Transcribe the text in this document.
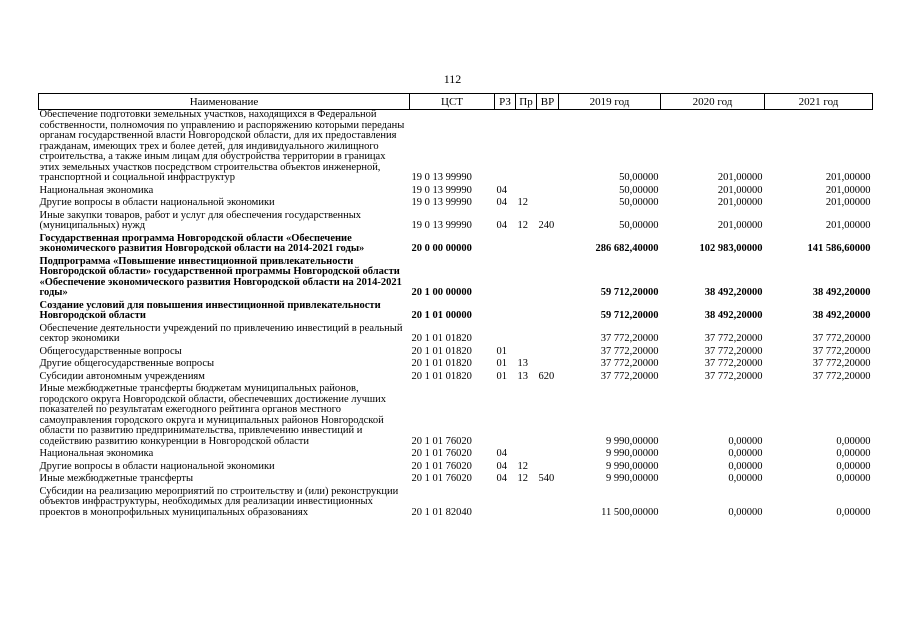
112
Наименование	ЦСТ	РЗ	Пр	ВР	2019 год	2020 год	2021 год
Обеспечение подготовки земельных участков, находящихся в Федеральной собственности, полномочия по управлению и распоряжению которыми переданы органам государственной власти Новгородской области, для их предоставления гражданам, имеющих трех и более детей, для индивидуального жилищного строительства, а также иным лицам для обустройства территории в границах этих земельных участков посредством строительства объектов инженерной, транспортной и социальной инфраструктур	19 0 13 99990				50,00000	201,00000	201,00000
Национальная экономика	19 0 13 99990	04			50,00000	201,00000	201,00000
Другие вопросы в области национальной экономики	19 0 13 99990	04	12		50,00000	201,00000	201,00000
Иные закупки товаров, работ и услуг для обеспечения государственных (муниципальных) нужд	19 0 13 99990	04	12	240	50,00000	201,00000	201,00000
Государственная программа Новгородской области «Обеспечение экономического развития Новгородской области на 2014-2021 годы»	20 0 00 00000				286 682,40000	102 983,00000	141 586,60000
Подпрограмма «Повышение инвестиционной привлекательности Новгородской области» государственной программы Новгородской области «Обеспечение экономического развития Новгородской области на 2014-2021 годы»	20 1 00 00000				59 712,20000	38 492,20000	38 492,20000
Создание условий для повышения инвестиционной привлекательности Новгородской области	20 1 01 00000				59 712,20000	38 492,20000	38 492,20000
Обеспечение деятельности учреждений по привлечению инвестиций в реальный сектор экономики	20 1 01 01820				37 772,20000	37 772,20000	37 772,20000
Общегосударственные вопросы	20 1 01 01820	01			37 772,20000	37 772,20000	37 772,20000
Другие общегосударственные вопросы	20 1 01 01820	01	13		37 772,20000	37 772,20000	37 772,20000
Субсидии автономным учреждениям	20 1 01 01820	01	13	620	37 772,20000	37 772,20000	37 772,20000
Иные межбюджетные трансферты бюджетам муниципальных районов, городского округа Новгородской области, обеспечевших достижение лучших показателей по результатам ежегодного рейтинга органов местного самоуправления городского округа и муниципальных районов Новгородской области по развитию предпринимательства, привлечению инвестиций и содействию развитию конкуренции в Новгородской области	20 1 01 76020				9 990,00000	0,00000	0,00000
Национальная экономика	20 1 01 76020	04			9 990,00000	0,00000	0,00000
Другие вопросы в области национальной экономики	20 1 01 76020	04	12		9 990,00000	0,00000	0,00000
Иные межбюджетные трансферты	20 1 01 76020	04	12	540	9 990,00000	0,00000	0,00000
Субсидии на реализацию мероприятий по строительству и (или) реконструкции объектов инфраструктуры, необходимых для реализации инвестиционных проектов в монопрофильных муниципальных образованиях	20 1 01 82040				11 500,00000	0,00000	0,00000
